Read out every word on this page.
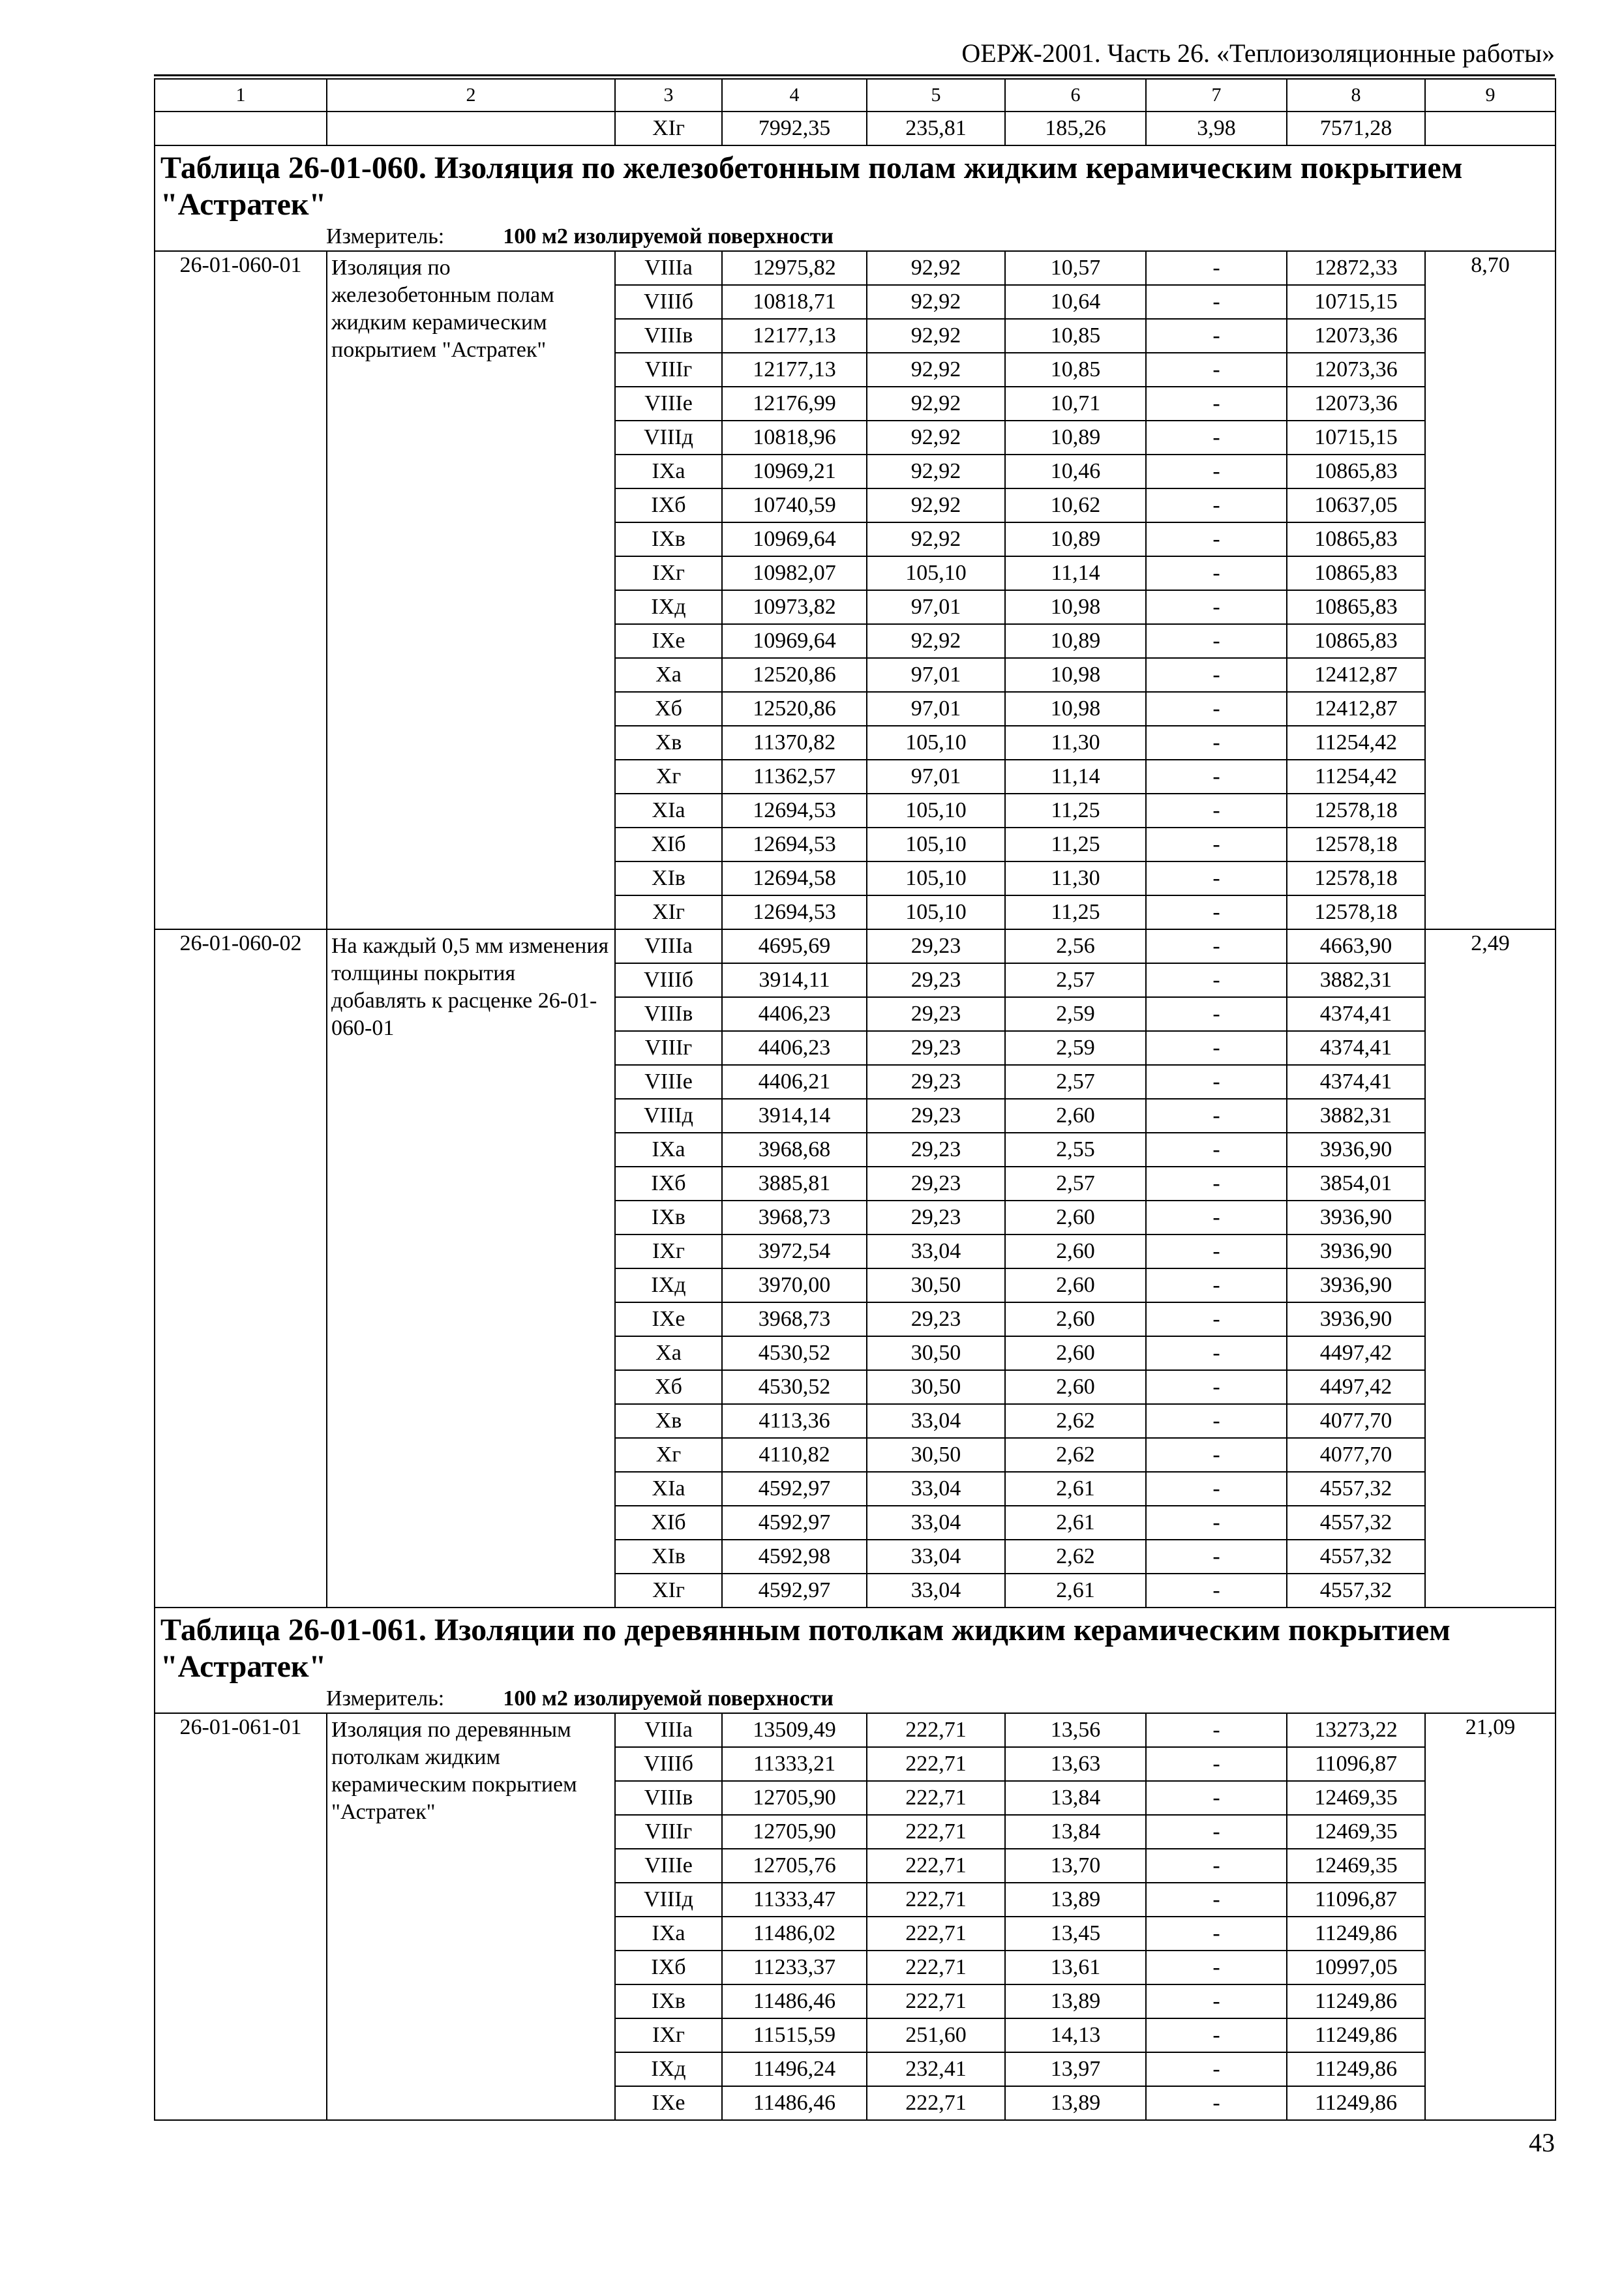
ОЕРЖ-2001. Часть 26. «Теплоизоляционные работы»
1	2	3	4	5	6	7	8	9
		XIг	7992,35	235,81	185,26	3,98	7571,28	

Таблица 26-01-060. Изоляция по железобетонным полам жидким керамическим покрытием "Астратек"
Измеритель: 100 м2 изолируемой поверхности								

26-01-060-01	Изоляция по железобетонным полам жидким керамическим покрытием "Астратек"	VIIIа	12975,82	92,92	10,57	-	12872,33	8,70
		VIIIб	10818,71	92,92	10,64	-	10715,15	
		VIIIв	12177,13	92,92	10,85	-	12073,36	
		VIIIг	12177,13	92,92	10,85	-	12073,36	
		VIIIе	12176,99	92,92	10,71	-	12073,36	
		VIIIд	10818,96	92,92	10,89	-	10715,15	
		IXа	10969,21	92,92	10,46	-	10865,83	
		IXб	10740,59	92,92	10,62	-	10637,05	
		IXв	10969,64	92,92	10,89	-	10865,83	
		IXг	10982,07	105,10	11,14	-	10865,83	
		IXд	10973,82	97,01	10,98	-	10865,83	
		IXе	10969,64	92,92	10,89	-	10865,83	
		Xа	12520,86	97,01	10,98	-	12412,87	
		Xб	12520,86	97,01	10,98	-	12412,87	
		Xв	11370,82	105,10	11,30	-	11254,42	
		Xг	11362,57	97,01	11,14	-	11254,42	
		XIа	12694,53	105,10	11,25	-	12578,18	
		XIб	12694,53	105,10	11,25	-	12578,18	
		XIв	12694,58	105,10	11,30	-	12578,18	
		XIг	12694,53	105,10	11,25	-	12578,18	
26-01-060-02	На каждый 0,5 мм изменения толщины покрытия добавлять к расценке 26-01-060-01	VIIIа	4695,69	29,23	2,56	-	4663,90	2,49
		VIIIб	3914,11	29,23	2,57	-	3882,31	
		VIIIв	4406,23	29,23	2,59	-	4374,41	
		VIIIг	4406,23	29,23	2,59	-	4374,41	
		VIIIе	4406,21	29,23	2,57	-	4374,41	
		VIIIд	3914,14	29,23	2,60	-	3882,31	
		IXа	3968,68	29,23	2,55	-	3936,90	
		IXб	3885,81	29,23	2,57	-	3854,01	
		IXв	3968,73	29,23	2,60	-	3936,90	
		IXг	3972,54	33,04	2,60	-	3936,90	
		IXд	3970,00	30,50	2,60	-	3936,90	
		IXе	3968,73	29,23	2,60	-	3936,90	
		Xа	4530,52	30,50	2,60	-	4497,42	
		Xб	4530,52	30,50	2,60	-	4497,42	
		Xв	4113,36	33,04	2,62	-	4077,70	
		Xг	4110,82	30,50	2,62	-	4077,70	
		XIа	4592,97	33,04	2,61	-	4557,32	
		XIб	4592,97	33,04	2,61	-	4557,32	
		XIв	4592,98	33,04	2,62	-	4557,32	
		XIг	4592,97	33,04	2,61	-	4557,32	

Таблица 26-01-061. Изоляции по деревянным потолкам жидким керамическим покрытием "Астратек"
Измеритель: 100 м2 изолируемой поверхности								

26-01-061-01	Изоляция по деревянным потолкам жидким керамическим покрытием "Астратек"	VIIIа	13509,49	222,71	13,56	-	13273,22	21,09
		VIIIб	11333,21	222,71	13,63	-	11096,87	
		VIIIв	12705,90	222,71	13,84	-	12469,35	
		VIIIг	12705,90	222,71	13,84	-	12469,35	
		VIIIе	12705,76	222,71	13,70	-	12469,35	
		VIIIд	11333,47	222,71	13,89	-	11096,87	
		IXа	11486,02	222,71	13,45	-	11249,86	
		IXб	11233,37	222,71	13,61	-	10997,05	
		IXв	11486,46	222,71	13,89	-	11249,86	
		IXг	11515,59	251,60	14,13	-	11249,86	
		IXд	11496,24	232,41	13,97	-	11249,86	
		IXе	11486,46	222,71	13,89	-	11249,86	
43
